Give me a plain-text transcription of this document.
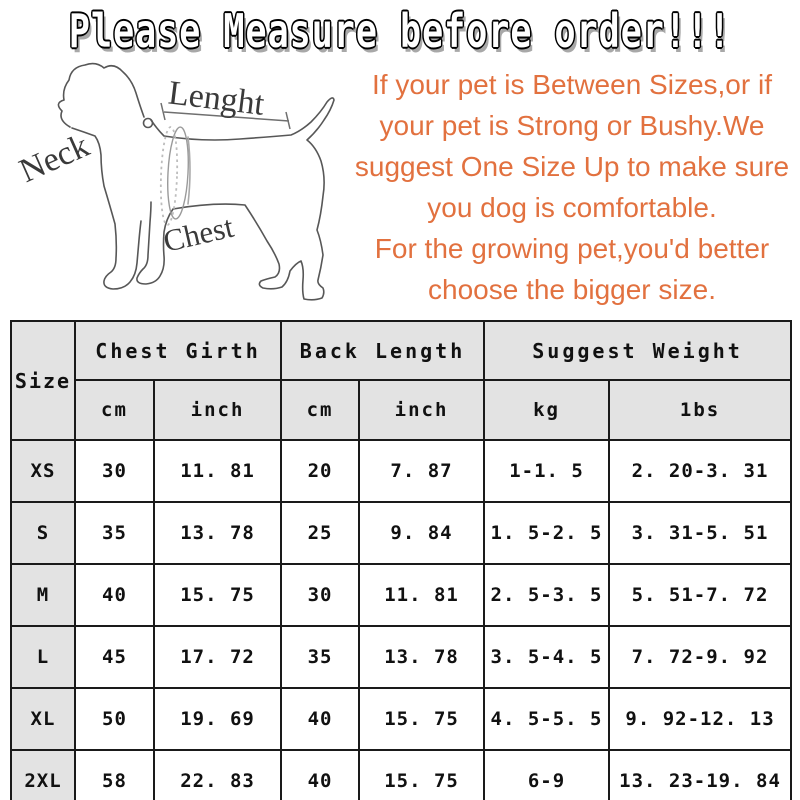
Please Measure before order!!!
Neck
Lenght
Chest
If your pet is Between Sizes,or if
your pet is Strong or Bushy.We
suggest One Size Up to make sure
you dog is comfortable.
For the growing pet,you'd better
choose the bigger size.
Size	Chest Girth		Back Length		Suggest Weight	
	cm	inch	cm	inch	kg	1bs
XS	30	11. 81	20	7. 87	1-1. 5	2. 20-3. 31
S	35	13. 78	25	9. 84	1. 5-2. 5	3. 31-5. 51
M	40	15. 75	30	11. 81	2. 5-3. 5	5. 51-7. 72
L	45	17. 72	35	13. 78	3. 5-4. 5	7. 72-9. 92
XL	50	19. 69	40	15. 75	4. 5-5. 5	9. 92-12. 13
2XL	58	22. 83	40	15. 75	6-9	13. 23-19. 84
